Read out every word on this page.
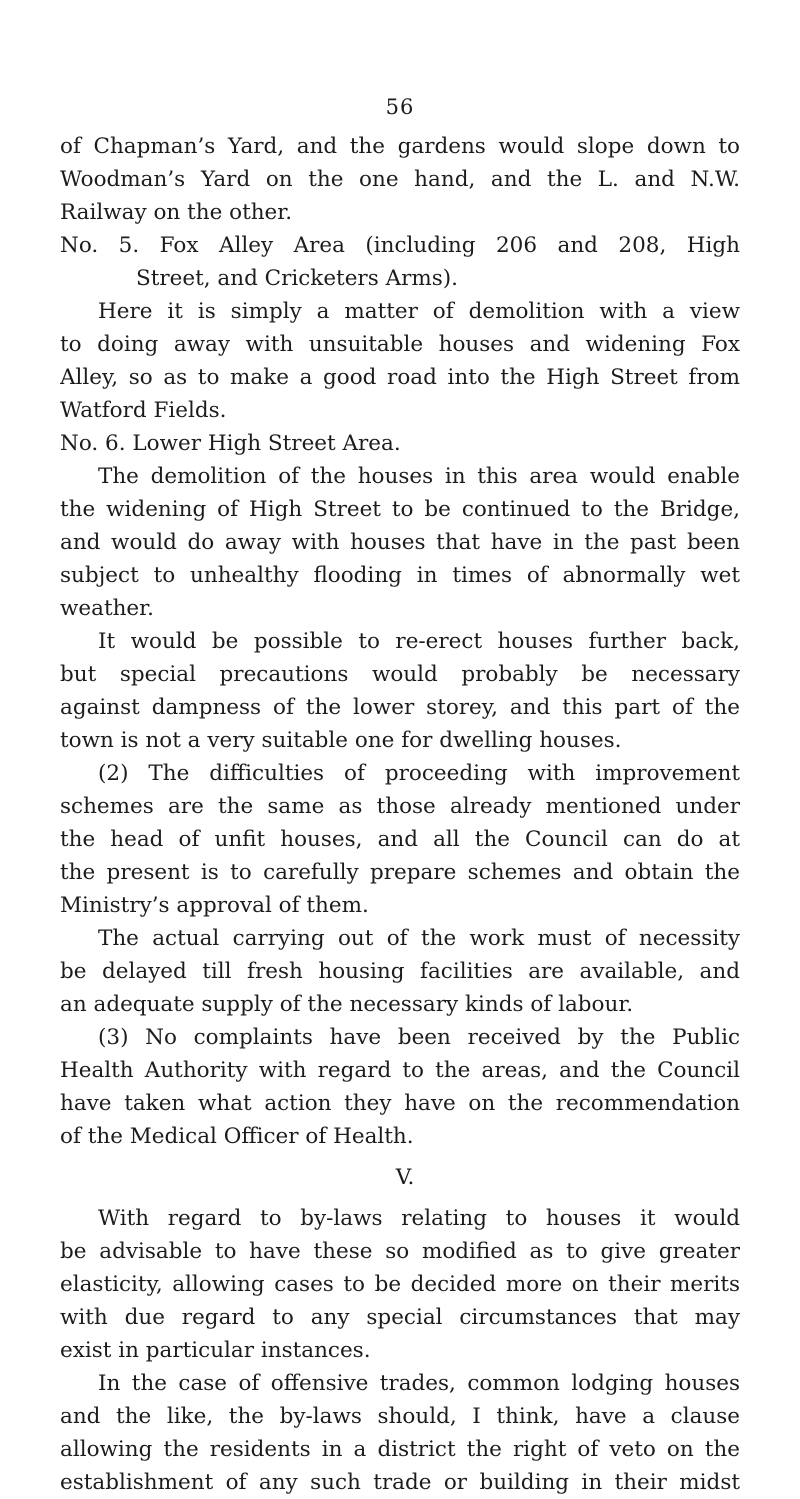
56
of Chapman’s Yard, and the gardens would slope down to
Woodman’s Yard on the one hand, and the L. and N.W.
Railway on the other.
No. 5. Fox Alley Area (including 206 and 208, High
Street, and Cricketers Arms).
Here it is simply a matter of demolition with a view
to doing away with unsuitable houses and widening Fox
Alley, so as to make a good road into the High Street from
Watford Fields.
No. 6. Lower High Street Area.
The demolition of the houses in this area would enable
the widening of High Street to be continued to the Bridge,
and would do away with houses that have in the past been
subject to unhealthy flooding in times of abnormally wet
weather.
It would be possible to re-erect houses further back,
but special precautions would probably be necessary
against dampness of the lower storey, and this part of the
town is not a very suitable one for dwelling houses.
(2) The difficulties of proceeding with improvement
schemes are the same as those already mentioned under
the head of unfit houses, and all the Council can do at
the present is to carefully prepare schemes and obtain the
Ministry’s approval of them.
The actual carrying out of the work must of necessity
be delayed till fresh housing facilities are available, and
an adequate supply of the necessary kinds of labour.
(3) No complaints have been received by the Public
Health Authority with regard to the areas, and the Council
have taken what action they have on the recommendation
of the Medical Officer of Health.
V.
With regard to by-laws relating to houses it would
be advisable to have these so modified as to give greater
elasticity, allowing cases to be decided more on their merits
with due regard to any special circumstances that may
exist in particular instances.
In the case of offensive trades, common lodging houses
and the like, the by-laws should, I think, have a clause
allowing the residents in a district the right of veto on the
establishment of any such trade or building in their midst
